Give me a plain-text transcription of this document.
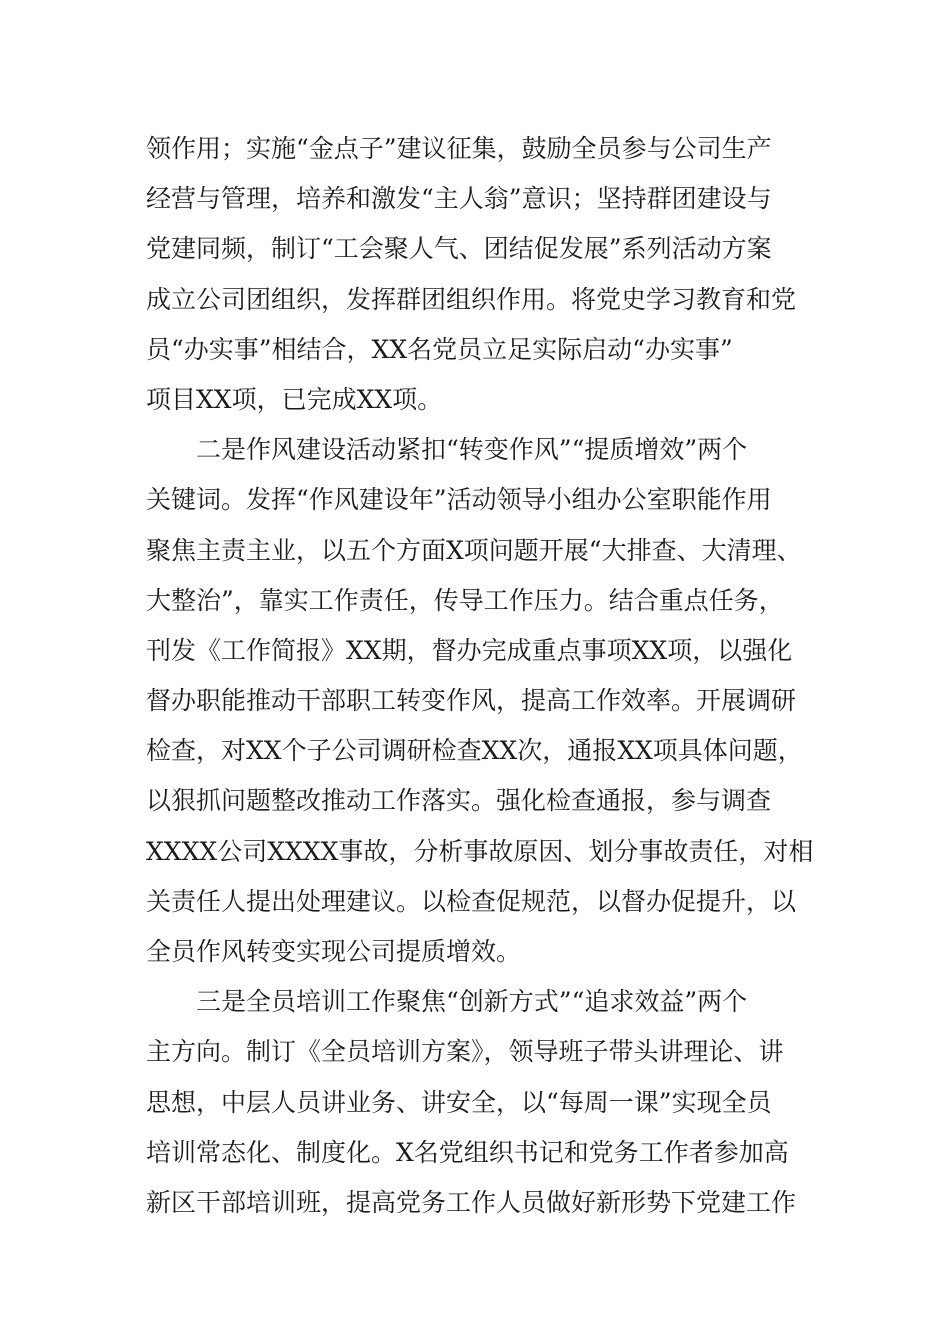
领作用；实施“金点子”建议征集，鼓励全员参与公司生产
经营与管理，培养和激发“主人翁”意识；坚持群团建设与
党建同频，制订“工会聚人气、团结促发展”系列活动方案
成立公司团组织，发挥群团组织作用。将党史学习教育和党
员“办实事”相结合，XX名党员立足实际启动“办实事”
项目XX项，已完成XX项。
二是作风建设活动紧扣“转变作风”“提质增效”两个
关键词。发挥“作风建设年”活动领导小组办公室职能作用
聚焦主责主业，以五个方面X项问题开展“大排查、大清理、
大整治”，靠实工作责任，传导工作压力。结合重点任务，
刊发《工作简报》XX期，督办完成重点事项XX项，以强化
督办职能推动干部职工转变作风，提高工作效率。开展调研
检查，对XX个子公司调研检查XX次，通报XX项具体问题，
以狠抓问题整改推动工作落实。强化检查通报，参与调查
XXXX公司XXXX事故，分析事故原因、划分事故责任，对相
关责任人提出处理建议。以检查促规范，以督办促提升，以
全员作风转变实现公司提质增效。
三是全员培训工作聚焦“创新方式”“追求效益”两个
主方向。制订《全员培训方案》，领导班子带头讲理论、讲
思想，中层人员讲业务、讲安全，以“每周一课”实现全员
培训常态化、制度化。X名党组织书记和党务工作者参加高
新区干部培训班，提高党务工作人员做好新形势下党建工作
